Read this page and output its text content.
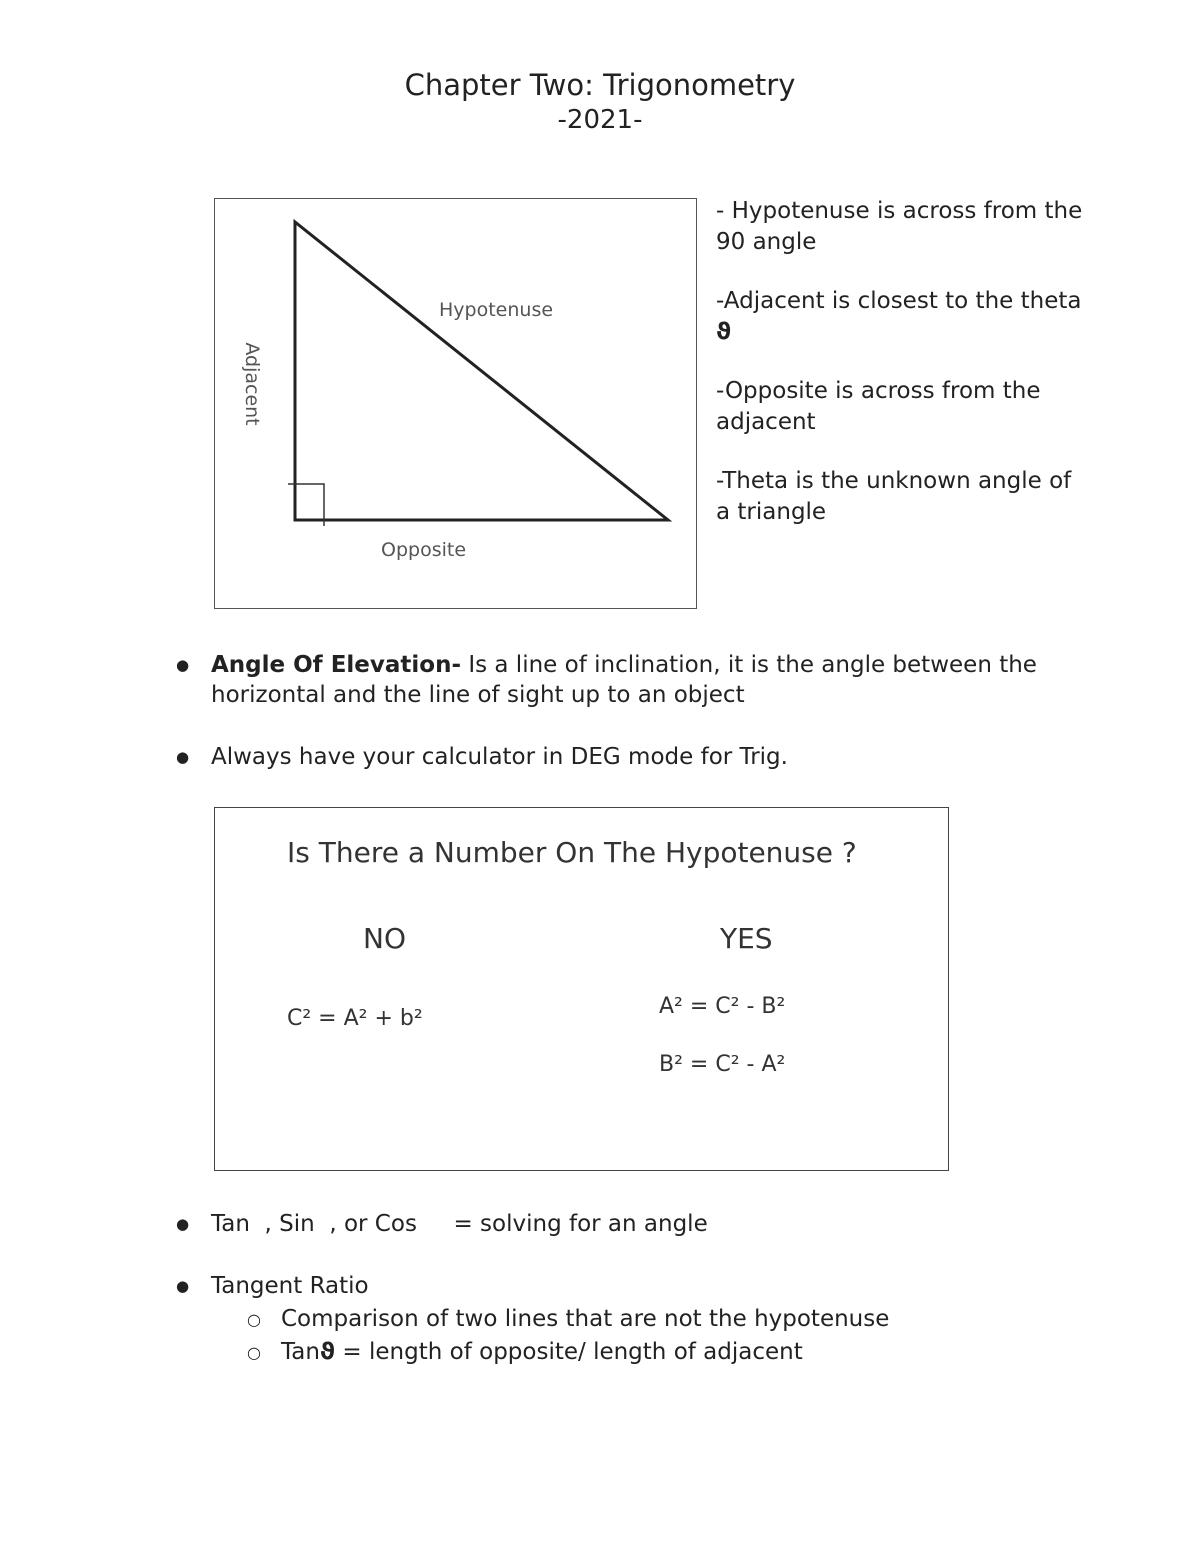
Chapter Two: Trigonometry
-2021-
Hypotenuse
Opposite
Adjacent

- Hypotenuse is across from the 90 angle

-Adjacent is closest to the theta ϑ

-Opposite is across from the adjacent

-Theta is the unknown angle of a triangle

● Angle Of Elevation- Is a line of inclination, it is the angle between the horizontal and the line of sight up to an object
● Always have your calculator in DEG mode for Trig.
Is There a Number On The Hypotenuse ?
NO	YES
C² = A² + b²	A² = C² - B²
B² = C² - A²
● Tan  , Sin  , or Cos     = solving for an angle
● Tangent Ratio
○ Comparison of two lines that are not the hypotenuse
○ Tanϑ = length of opposite/ length of adjacent
